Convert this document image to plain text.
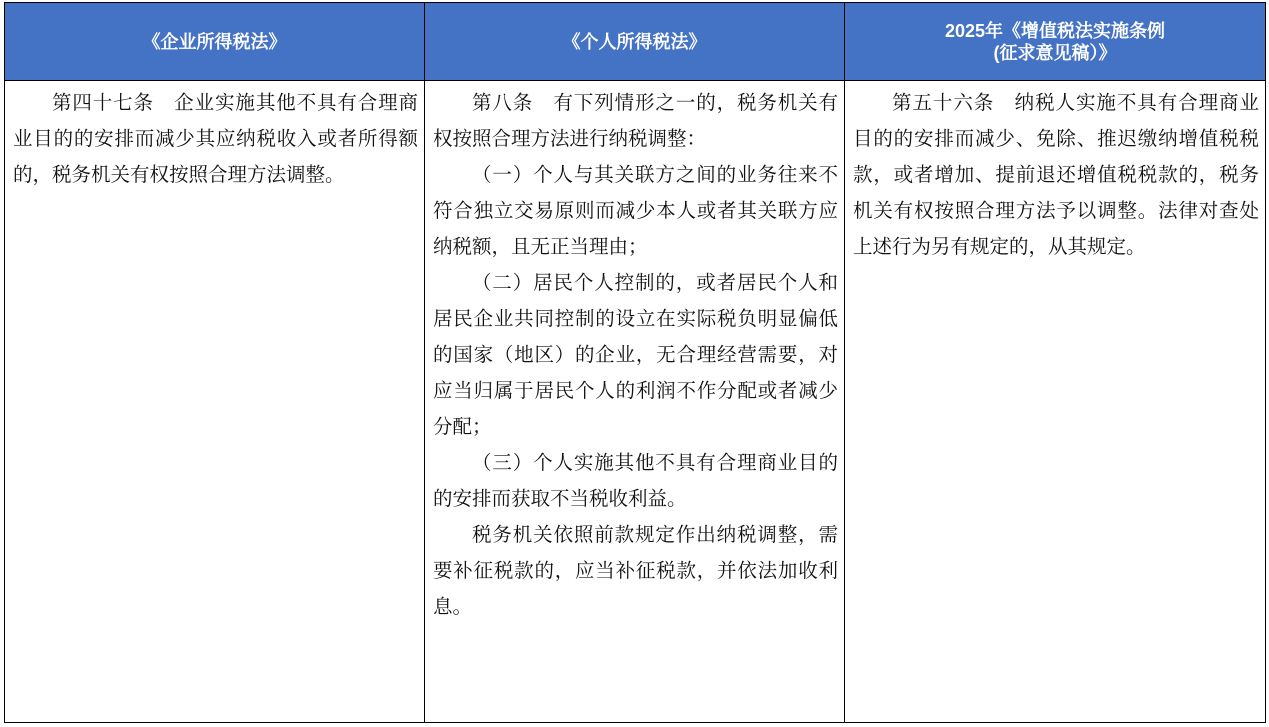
《企业所得税法》	《个人所得税法》	2025年《增值税法实施条例
(征求意见稿）》

第四十七条　企业实施其他不具有合理商业目的的安排而减少其应纳税收入或者所得额的，税务机关有权按照合理方法调整。	第八条　有下列情形之一的，税务机关有权按照合理方法进行纳税调整：

（一）个人与其关联方之间的业务往来不符合独立交易原则而减少本人或者其关联方应纳税额，且无正当理由；

（二）居民个人控制的，或者居民个人和居民企业共同控制的设立在实际税负明显偏低的国家（地区）的企业，无合理经营需要，对应当归属于居民个人的利润不作分配或者减少分配；

（三）个人实施其他不具有合理商业目的的安排而获取不当税收利益。

税务机关依照前款规定作出纳税调整，需要补征税款的，应当补征税款，并依法加收利息。	第五十六条　纳税人实施不具有合理商业目的的安排而减少、免除、推迟缴纳增值税税款，或者增加、提前退还增值税税款的，税务机关有权按照合理方法予以调整。法律对查处上述行为另有规定的，从其规定。
